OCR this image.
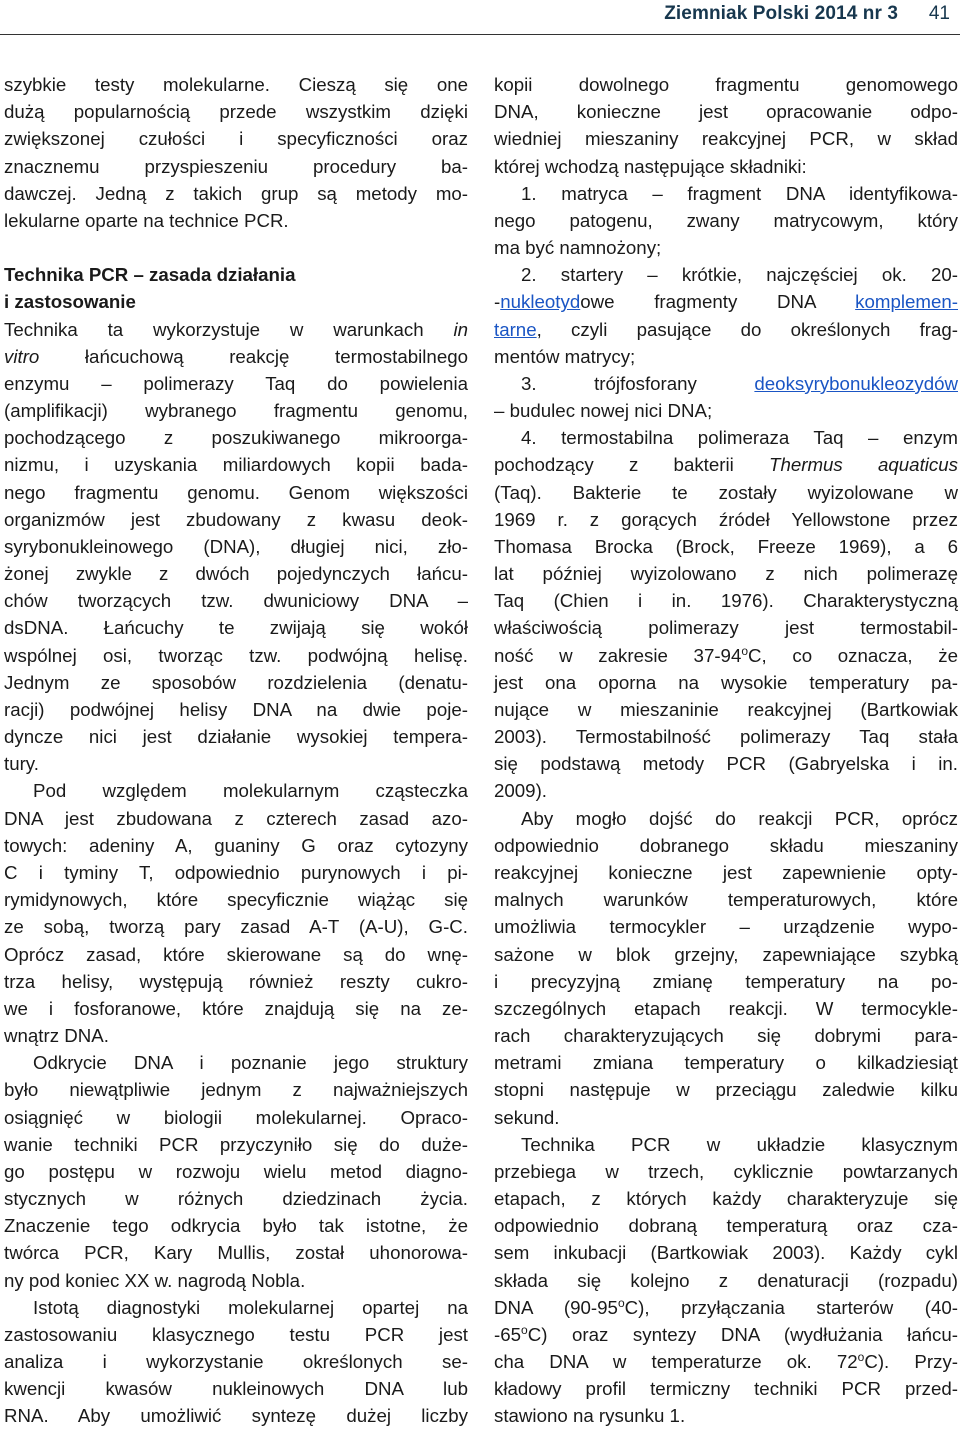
Ziemniak Polski 2014 nr 3 41
szybkie testy molekularne. Cieszą się one
dużą popularnością przede wszystkim dzięki
zwiększonej czułości i specyficzności oraz
znacznemu przyspieszeniu procedury ba-
dawczej. Jedną z takich grup są metody mo-
lekularne oparte na technice PCR.

Technika PCR – zasada działania
i zastosowanie
Technika ta wykorzystuje w warunkach in
vitro łańcuchową reakcję termostabilnego
enzymu – polimerazy Taq do powielenia
(amplifikacji) wybranego fragmentu genomu,
pochodzącego z poszukiwanego mikroorga-
nizmu, i uzyskania miliardowych kopii bada-
nego fragmentu genomu. Genom większości
organizmów jest zbudowany z kwasu deok-
syrybonukleinowego (DNA), długiej nici, zło-
żonej zwykle z dwóch pojedynczych łańcu-
chów tworzących tzw. dwuniciowy DNA –
dsDNA. Łańcuchy te zwijają się wokół
wspólnej osi, tworząc tzw. podwójną helisę.
Jednym ze sposobów rozdzielenia (denatu-
racji) podwójnej helisy DNA na dwie poje-
dyncze nici jest działanie wysokiej tempera-
tury.
Pod względem molekularnym cząsteczka
DNA jest zbudowana z czterech zasad azo-
towych: adeniny A, guaniny G oraz cytozyny
C i tyminy T, odpowiednio purynowych i pi-
rymidynowych, które specyficznie wiążąc się
ze sobą, tworzą pary zasad A-T (A-U), G-C.
Oprócz zasad, które skierowane są do wnę-
trza helisy, występują również reszty cukro-
we i fosforanowe, które znajdują się na ze-
wnątrz DNA.
Odkrycie DNA i poznanie jego struktury
było niewątpliwie jednym z najważniejszych
osiągnięć w biologii molekularnej. Opraco-
wanie techniki PCR przyczyniło się do duże-
go postępu w rozwoju wielu metod diagno-
stycznych w różnych dziedzinach życia.
Znaczenie tego odkrycia było tak istotne, że
twórca PCR, Kary Mullis, został uhonorowa-
ny pod koniec XX w. nagrodą Nobla.
Istotą diagnostyki molekularnej opartej na
zastosowaniu klasycznego testu PCR jest
analiza i wykorzystanie określonych se-
kwencji kwasów nukleinowych DNA lub
RNA. Aby umożliwić syntezę dużej liczby
kopii dowolnego fragmentu genomowego
DNA, konieczne jest opracowanie odpo-
wiedniej mieszaniny reakcyjnej PCR, w skład
której wchodzą następujące składniki:
1. matryca – fragment DNA identyfikowa-
nego patogenu, zwany matrycowym, który
ma być namnożony;
2. startery – krótkie, najczęściej ok. 20-
-nukleotydowe fragmenty DNA komplemen-
tarne, czyli pasujące do określonych frag-
mentów matrycy;
3. trójfosforany deoksyrybonukleozydów
– budulec nowej nici DNA;
4. termostabilna polimeraza Taq – enzym
pochodzący z bakterii Thermus aquaticus
(Taq). Bakterie te zostały wyizolowane w
1969 r. z gorących źródeł Yellowstone przez
Thomasa Brocka (Brock, Freeze 1969), a 6
lat później wyizolowano z nich polimerazę
Taq (Chien i in. 1976). Charakterystyczną
właściwością polimerazy jest termostabil-
ność w zakresie 37-94$^o$C, co oznacza, że
jest ona oporna na wysokie temperatury pa-
nujące w mieszaninie reakcyjnej (Bartkowiak
2003). Termostabilność polimerazy Taq stała
się podstawą metody PCR (Gabryelska i in.
2009).
Aby mogło dojść do reakcji PCR, oprócz
odpowiednio dobranego składu mieszaniny
reakcyjnej konieczne jest zapewnienie opty-
malnych warunków temperaturowych, które
umożliwia termocykler – urządzenie wypo-
sażone w blok grzejny, zapewniające szybką
i precyzyjną zmianę temperatury na po-
szczególnych etapach reakcji. W termocykle-
rach charakteryzujących się dobrymi para-
metrami zmiana temperatury o kilkadziesiąt
stopni następuje w przeciągu zaledwie kilku
sekund.
Technika PCR w układzie klasycznym
przebiega w trzech, cyklicznie powtarzanych
etapach, z których każdy charakteryzuje się
odpowiednio dobraną temperaturą oraz cza-
sem inkubacji (Bartkowiak 2003). Każdy cykl
składa się kolejno z denaturacji (rozpadu)
DNA (90-95$^o$C), przyłączania starterów (40-
-65$^o$C) oraz syntezy DNA (wydłużania łańcu-
cha DNA w temperaturze ok. 72$^o$C). Przy-
kładowy profil termiczny techniki PCR przed-
stawiono na rysunku 1.
